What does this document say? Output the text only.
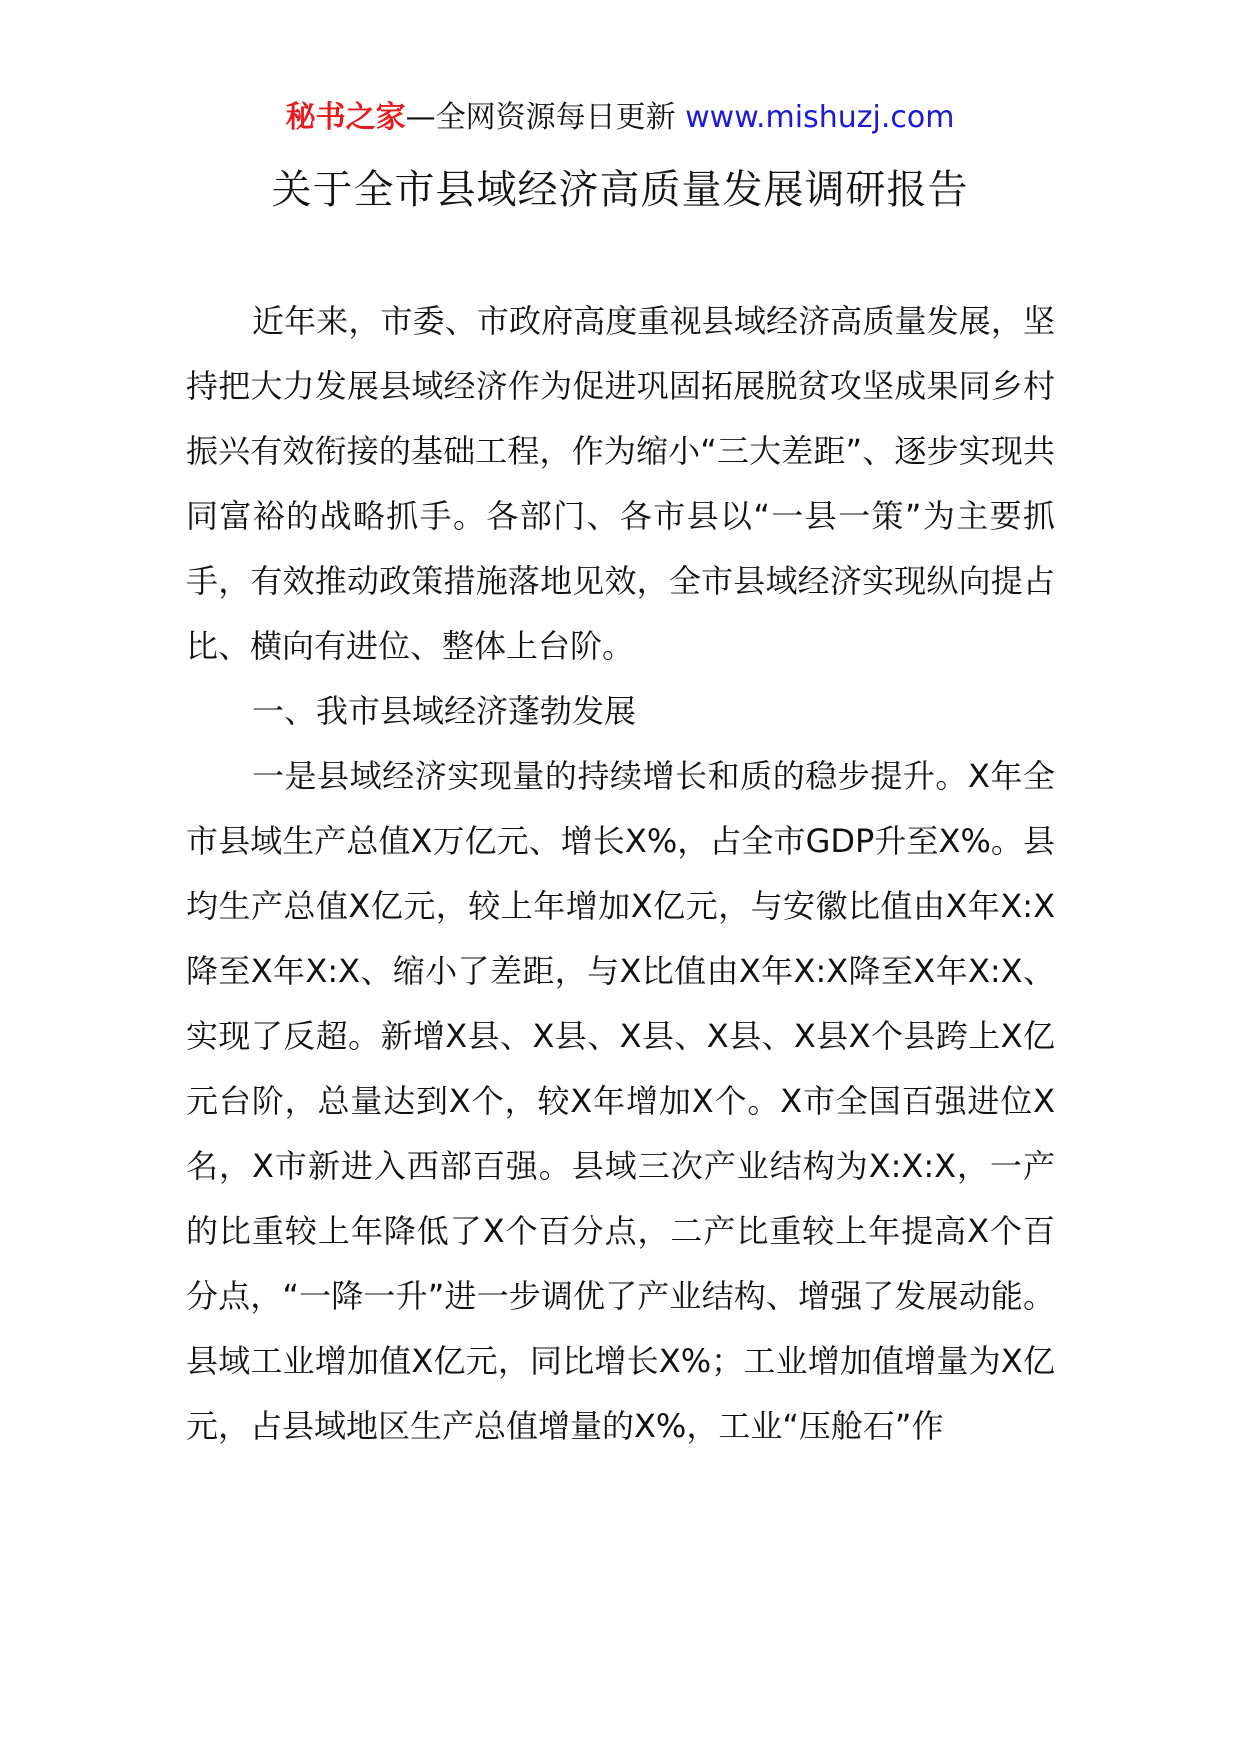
秘书之家—全网资源每日更新 www.mishuzj.com
关于全市县域经济高质量发展调研报告

近年来，市委、市政府高度重视县域经济高质量发展，坚持把大力发展县域经济作为促进巩固拓展脱贫攻坚成果同乡村振兴有效衔接的基础工程，作为缩小“三大差距”、逐步实现共同富裕的战略抓手。各部门、各市县以“一县一策”为主要抓手，有效推动政策措施落地见效，全市县域经济实现纵向提占比、横向有进位、整体上台阶。

一、我市县域经济蓬勃发展

一是县域经济实现量的持续增长和质的稳步提升。X年全市县域生产总值X万亿元、增长X%，占全市GDP升至X%。县均生产总值X亿元，较上年增加X亿元，与安徽比值由X年X:X降至X年X:X、缩小了差距，与X比值由X年X:X降至X年X:X、实现了反超。新增X县、X县、X县、X县、X县X个县跨上X亿元台阶，总量达到X个，较X年增加X个。X市全国百强进位X名，X市新进入西部百强。县域三次产业结构为X:X:X，一产的比重较上年降低了X个百分点，二产比重较上年提高X个百分点，“一降一升”进一步调优了产业结构、增强了发展动能。县域工业增加值X亿元，同比增长X%；工业增加值增量为X亿元，占县域地区生产总值增量的X%，工业“压舱石”作
